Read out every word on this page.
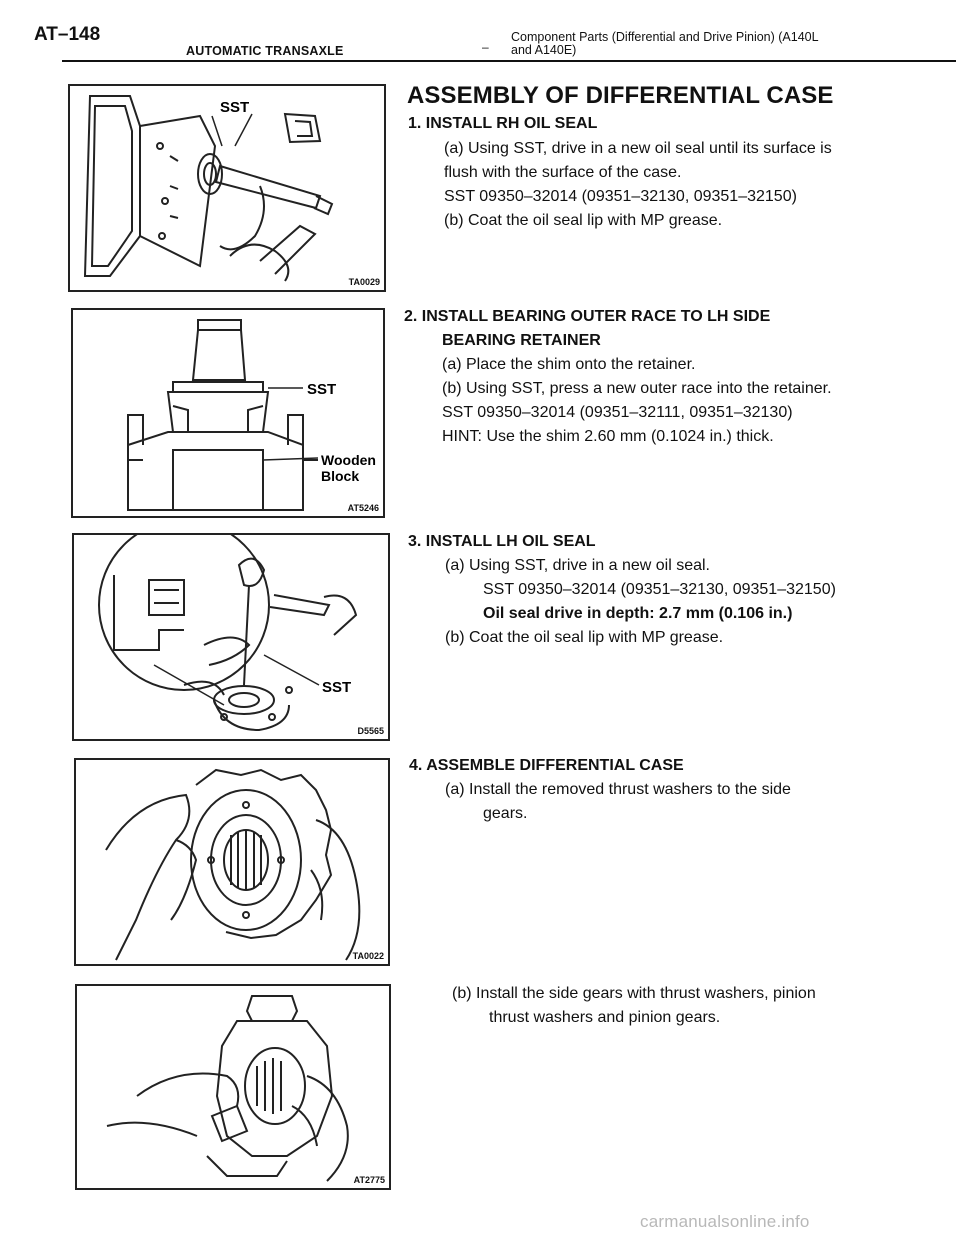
AT–148
AUTOMATIC TRANSAXLE	–
Component Parts (Differential and Drive Pinion) (A140L and A140E)
ASSEMBLY OF DIFFERENTIAL CASE
SST
TA0029
1. INSTALL RH OIL SEAL
(a) Using SST, drive in a new oil seal until its surface is
flush with the surface of the case.
SST 09350–32014 (09351–32130, 09351–32150)
(b) Coat the oil seal lip with MP grease.
SST
Wooden
Block
AT5246
2. INSTALL BEARING OUTER RACE TO LH SIDE
BEARING RETAINER
(a) Place the shim onto the retainer.
(b) Using SST, press a new outer race into the retainer.
SST 09350–32014 (09351–32111, 09351–32130)
HINT: Use the shim 2.60 mm (0.1024 in.) thick.
SST
D5565
3. INSTALL LH OIL SEAL
(a) Using SST, drive in a new oil seal.
SST 09350–32014 (09351–32130, 09351–32150)
Oil seal drive in depth: 2.7 mm (0.106 in.)
(b) Coat the oil seal lip with MP grease.
TA0022
4. ASSEMBLE DIFFERENTIAL CASE
(a) Install the removed thrust washers to the side
gears.
AT2775
(b) Install the side gears with thrust washers, pinion
thrust washers and pinion gears.
carmanualsonline.info
